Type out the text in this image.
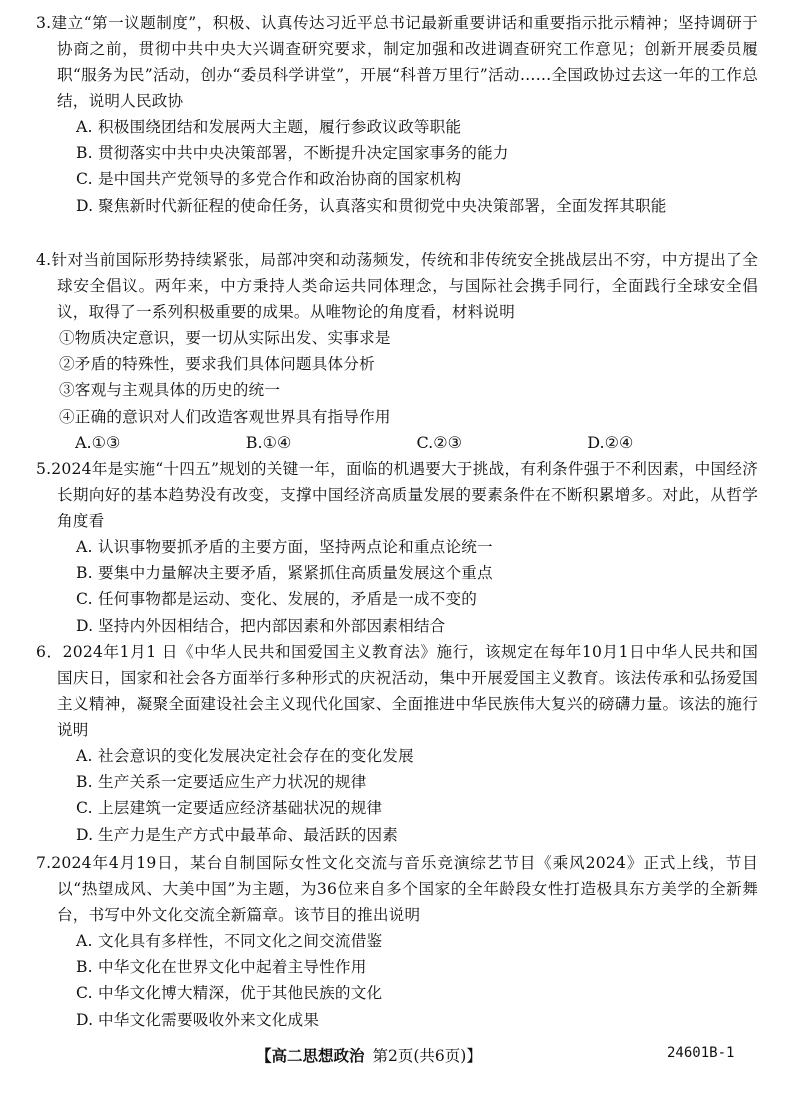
3.建立“第一议题制度”，积极、认真传达习近平总书记最新重要讲话和重要指示批示精神；坚持调研于协商之前，贯彻中共中央大兴调查研究要求，制定加强和改进调查研究工作意见；创新开展委员履职“服务为民”活动，创办“委员科学讲堂”，开展“科普万里行”活动……全国政协过去这一年的工作总结，说明人民政协

A. 积极围绕团结和发展两大主题，履行参政议政等职能
B. 贯彻落实中共中央决策部署，不断提升决定国家事务的能力
C. 是中国共产党领导的多党合作和政治协商的国家机构
D. 聚焦新时代新征程的使命任务，认真落实和贯彻党中央决策部署，全面发挥其职能

4.针对当前国际形势持续紧张，局部冲突和动荡频发，传统和非传统安全挑战层出不穷，中方提出了全球安全倡议。两年来，中方秉持人类命运共同体理念，与国际社会携手同行，全面践行全球安全倡议，取得了一系列积极重要的成果。从唯物论的角度看，材料说明

①物质决定意识，要一切从实际出发、实事求是
②矛盾的特殊性，要求我们具体问题具体分析
③客观与主观具体的历史的统一
④正确的意识对人们改造客观世界具有指导作用
A.①③	B.①④	C.②③	D.②④

5.2024年是实施“十四五”规划的关键一年，面临的机遇要大于挑战，有利条件强于不利因素，中国经济长期向好的基本趋势没有改变，支撑中国经济高质量发展的要素条件在不断积累增多。对此，从哲学角度看

A. 认识事物要抓矛盾的主要方面，坚持两点论和重点论统一
B. 要集中力量解决主要矛盾，紧紧抓住高质量发展这个重点
C. 任何事物都是运动、变化、发展的，矛盾是一成不变的
D. 坚持内外因相结合，把内部因素和外部因素相结合

6．2024年1月1 日《中华人民共和国爱国主义教育法》施行，该规定在每年10月1日中华人民共和国国庆日，国家和社会各方面举行多种形式的庆祝活动，集中开展爱国主义教育。该法传承和弘扬爱国主义精神，凝聚全面建设社会主义现代化国家、全面推进中华民族伟大复兴的磅礴力量。该法的施行说明

A. 社会意识的变化发展决定社会存在的变化发展
B. 生产关系一定要适应生产力状况的规律
C. 上层建筑一定要适应经济基础状况的规律
D. 生产力是生产方式中最革命、最活跃的因素

7.2024年4月19日，某台自制国际女性文化交流与音乐竞演综艺节目《乘风2024》正式上线，节目以“热望成风、大美中国”为主题，为36位来自多个国家的全年龄段女性打造极具东方美学的全新舞台，书写中外文化交流全新篇章。该节目的推出说明

A. 文化具有多样性，不同文化之间交流借鉴
B. 中华文化在世界文化中起着主导性作用
C. 中华文化博大精深，优于其他民族的文化
D. 中华文化需要吸收外来文化成果
【高二思想政治 第2页(共6页)】	24601B-1
